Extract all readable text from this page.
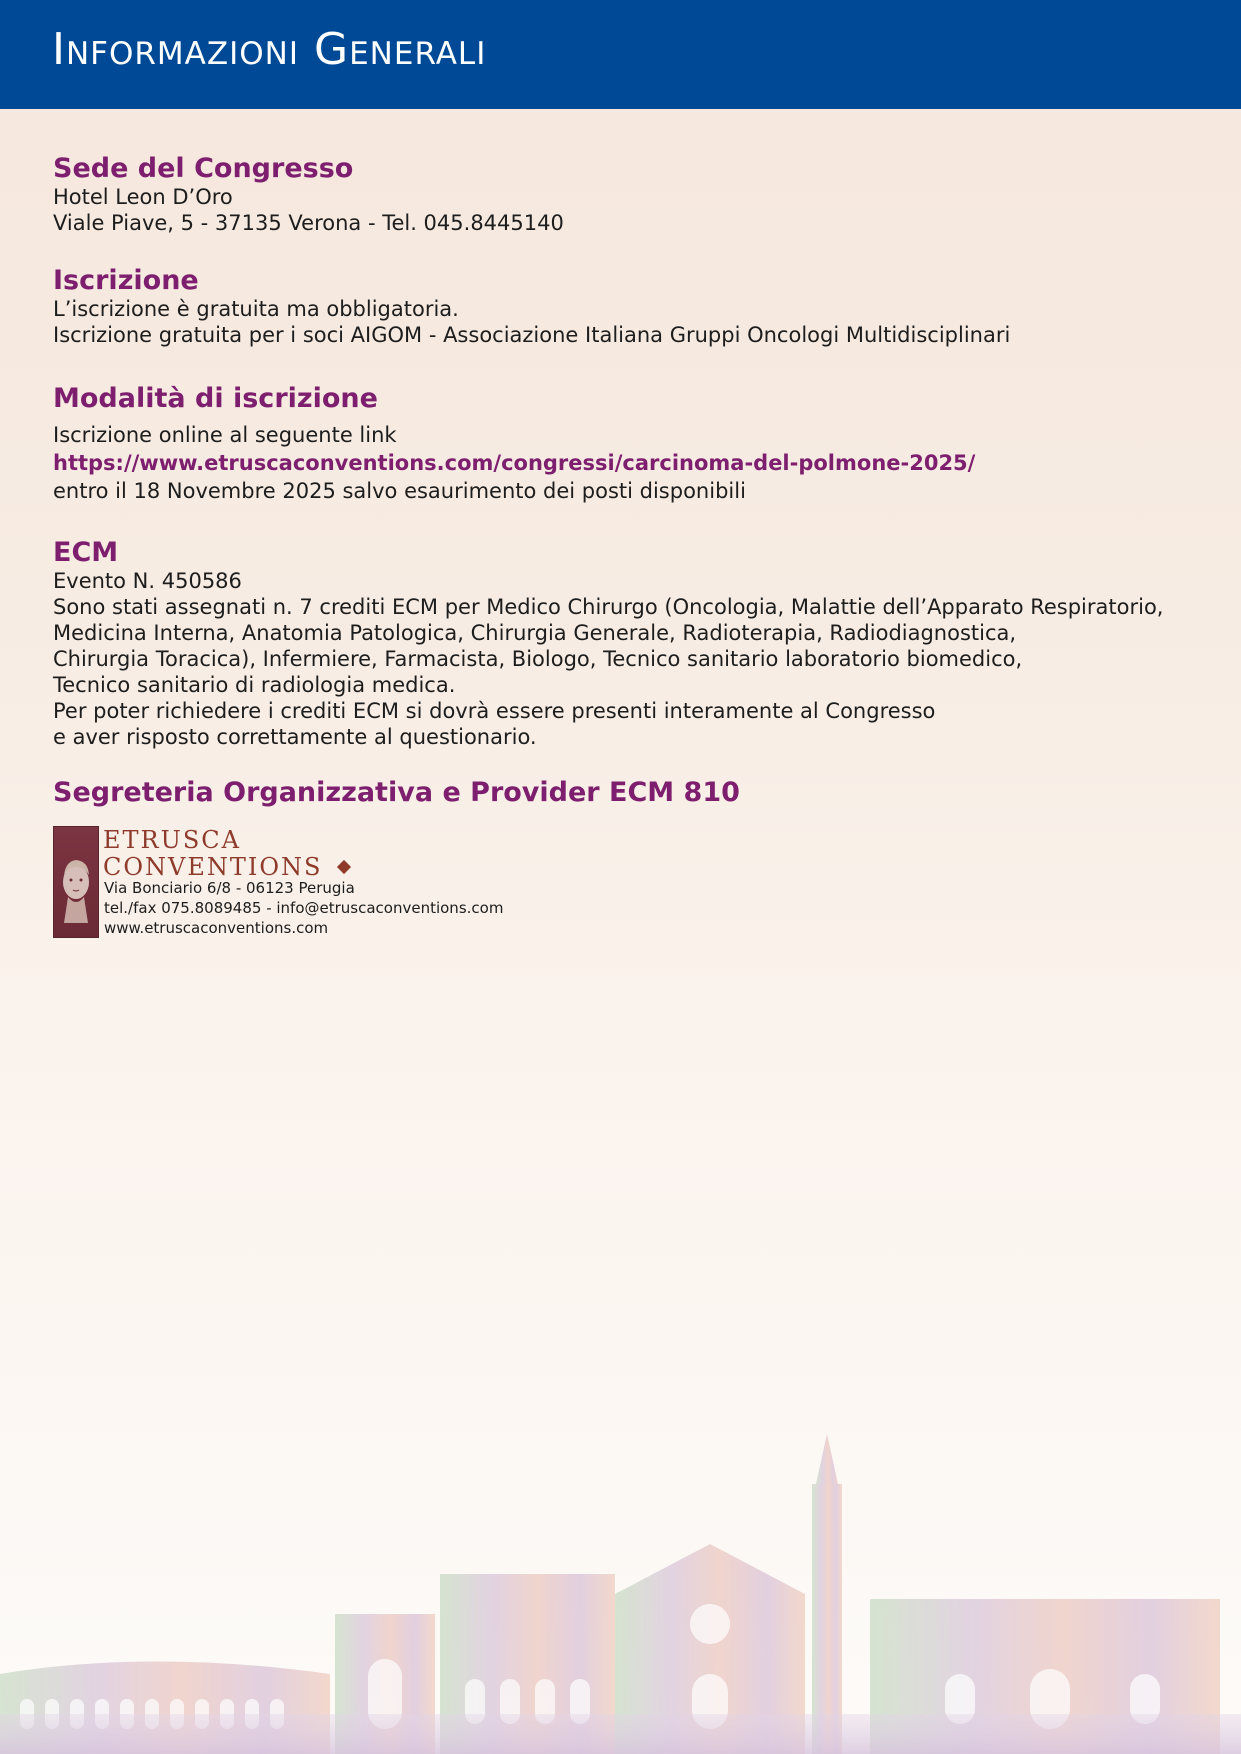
Informazioni Generali
Sede del Congresso

Hotel Leon D’Oro

Viale Piave, 5 - 37135 Verona - Tel. 045.8445140

Iscrizione

L’iscrizione è gratuita ma obbligatoria.

Iscrizione gratuita per i soci AIGOM - Associazione Italiana Gruppi Oncologi Multidisciplinari

Modalità di iscrizione

Iscrizione online al seguente link

https://www.etruscaconventions.com/congressi/carcinoma-del-polmone-2025/

entro il 18 Novembre 2025 salvo esaurimento dei posti disponibili

ECM

Evento N. 450586

Sono stati assegnati n. 7 crediti ECM per Medico Chirurgo (Oncologia, Malattie dell’Apparato Respiratorio,

Medicina Interna, Anatomia Patologica, Chirurgia Generale, Radioterapia, Radiodiagnostica,

Chirurgia Toracica), Infermiere, Farmacista, Biologo, Tecnico sanitario laboratorio biomedico,

Tecnico sanitario di radiologia medica.

Per poter richiedere i crediti ECM si dovrà essere presenti interamente al Congresso

e aver risposto correttamente al questionario.

Segreteria Organizzativa e Provider ECM 810
ETRUSCA
CONVENTIONS
Via Bonciario 6/8 - 06123 Perugia
tel./fax 075.8089485 - info@etruscaconventions.com
www.etruscaconventions.com
